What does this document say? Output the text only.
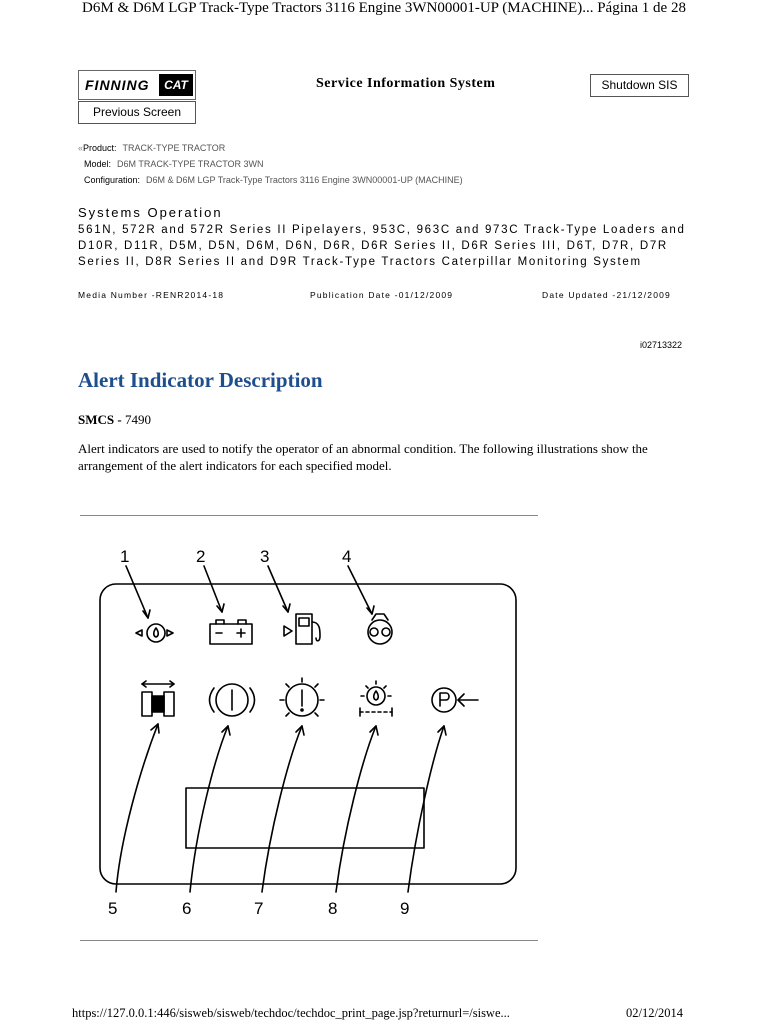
D6M & D6M LGP Track-Type Tractors 3116 Engine 3WN00001-UP (MACHINE)... Página 1 de 28
FINNING	CAT	Service Information System	Shutdown SIS
Previous Screen
«Product: TRACK-TYPE TRACTOR
Model: D6M TRACK-TYPE TRACTOR 3WN
Configuration: D6M & D6M LGP Track-Type Tractors 3116 Engine 3WN00001-UP (MACHINE)
Systems Operation
561N, 572R and 572R Series II Pipelayers, 953C, 963C and 973C Track-Type Loaders and D10R, D11R, D5M, D5N, D6M, D6N, D6R, D6R Series II, D6R Series III, D6T, D7R, D7R Series II, D8R Series II and D9R Track-Type Tractors Caterpillar Monitoring System
Media Number -RENR2014-18	Publication Date -01/12/2009	Date Updated -21/12/2009
i02713322
Alert Indicator Description
SMCS - 7490
Alert indicators are used to notify the operator of an abnormal condition. The following illustrations show the arrangement of the alert indicators for each specified model.
1	2	3	4
5	6	7	8	9
https://127.0.0.1:446/sisweb/sisweb/techdoc/techdoc_print_page.jsp?returnurl=/siswe...	02/12/2014
